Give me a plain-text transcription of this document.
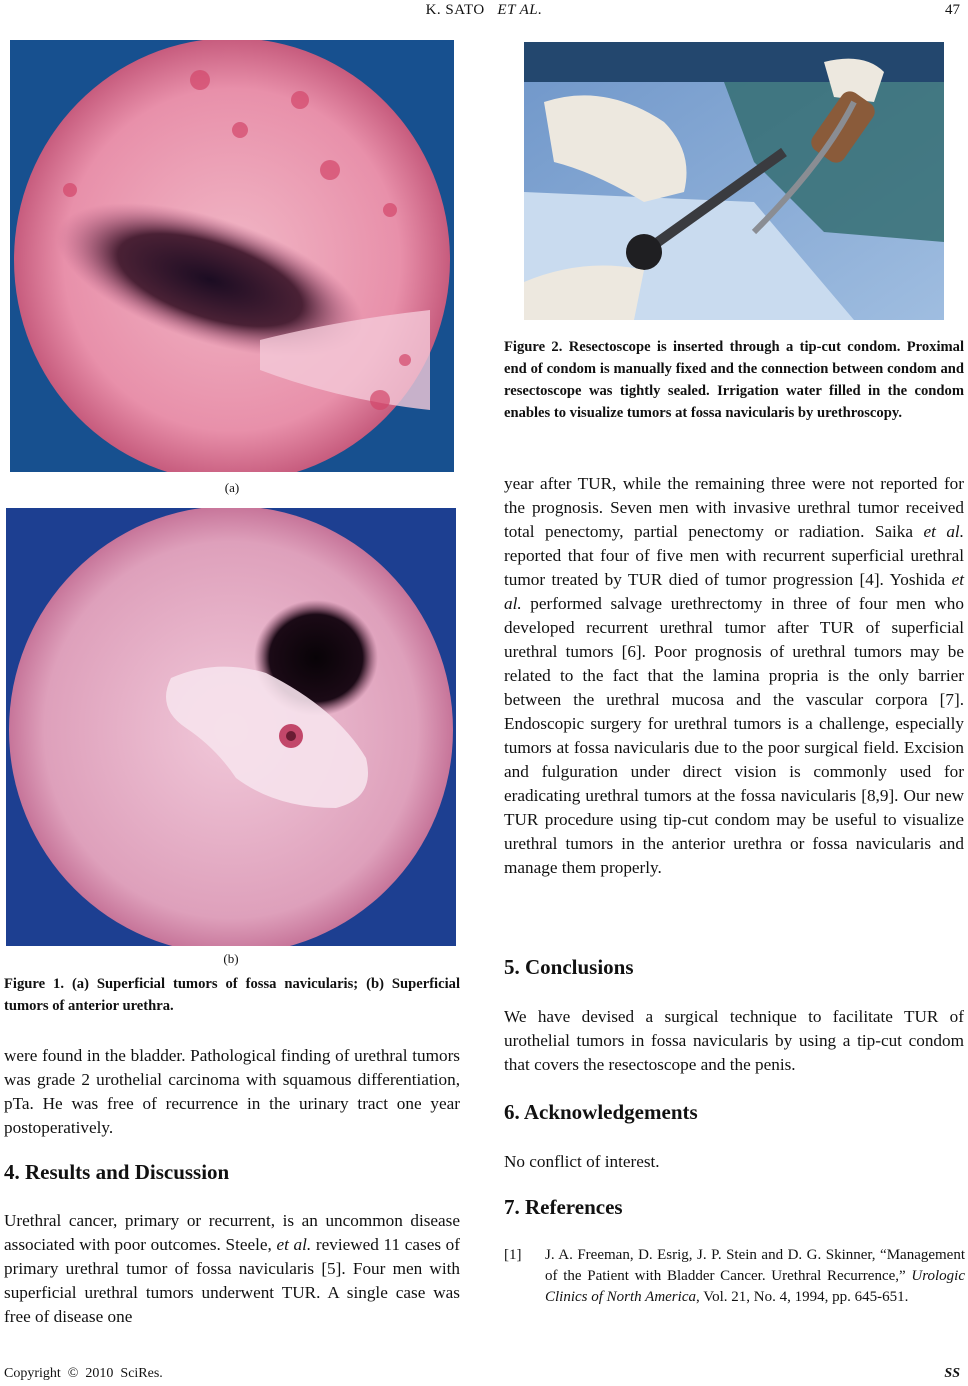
K. SATO ET AL.	47
(a)
(b)
Figure 1. (a) Superficial tumors of fossa navicularis; (b) Superficial tumors of anterior urethra.
were found in the bladder. Pathological finding of urethral tumors was grade 2 urothelial carcinoma with squamous differentiation, pTa. He was free of recurrence in the urinary tract one year postoperatively.
4. Results and Discussion
Urethral cancer, primary or recurrent, is an uncommon disease associated with poor outcomes. Steele, et al. reviewed 11 cases of primary urethral tumor of fossa navicularis [5]. Four men with superficial urethral tumors underwent TUR. A single case was free of disease one
Figure 2. Resectoscope is inserted through a tip-cut condom. Proximal end of condom is manually fixed and the connection between condom and resectoscope was tightly sealed. Irrigation water filled in the condom enables to visualize tumors at fossa navicularis by urethroscopy.
year after TUR, while the remaining three were not reported for the prognosis. Seven men with invasive urethral tumor received total penectomy, partial penectomy or radiation. Saika et al. reported that four of five men with recurrent superficial urethral tumor treated by TUR died of tumor progression [4]. Yoshida et al. performed salvage urethrectomy in three of four men who developed recurrent urethral tumor after TUR of superficial urethral tumors [6]. Poor prognosis of urethral tumors may be related to the fact that the lamina propria is the only barrier between the urethral mucosa and the vascular corpora [7]. Endoscopic surgery for urethral tumors is a challenge, especially tumors at fossa navicularis due to the poor surgical field. Excision and fulguration under direct vision is commonly used for eradicating urethral tumors at the fossa navicularis [8,9]. Our new TUR procedure using tip-cut condom may be useful to visualize urethral tumors in the anterior urethra or fossa navicularis and manage them properly.
5. Conclusions
We have devised a surgical technique to facilitate TUR of urothelial tumors in fossa navicularis by using a tip-cut condom that covers the resectoscope and the penis.
6. Acknowledgements
No conflict of interest.
7. References
[1] J. A. Freeman, D. Esrig, J. P. Stein and D. G. Skinner, “Management of the Patient with Bladder Cancer. Urethral Recurrence,” Urologic Clinics of North America, Vol. 21, No. 4, 1994, pp. 645-651.
Copyright  ©  2010  SciRes.	SS
